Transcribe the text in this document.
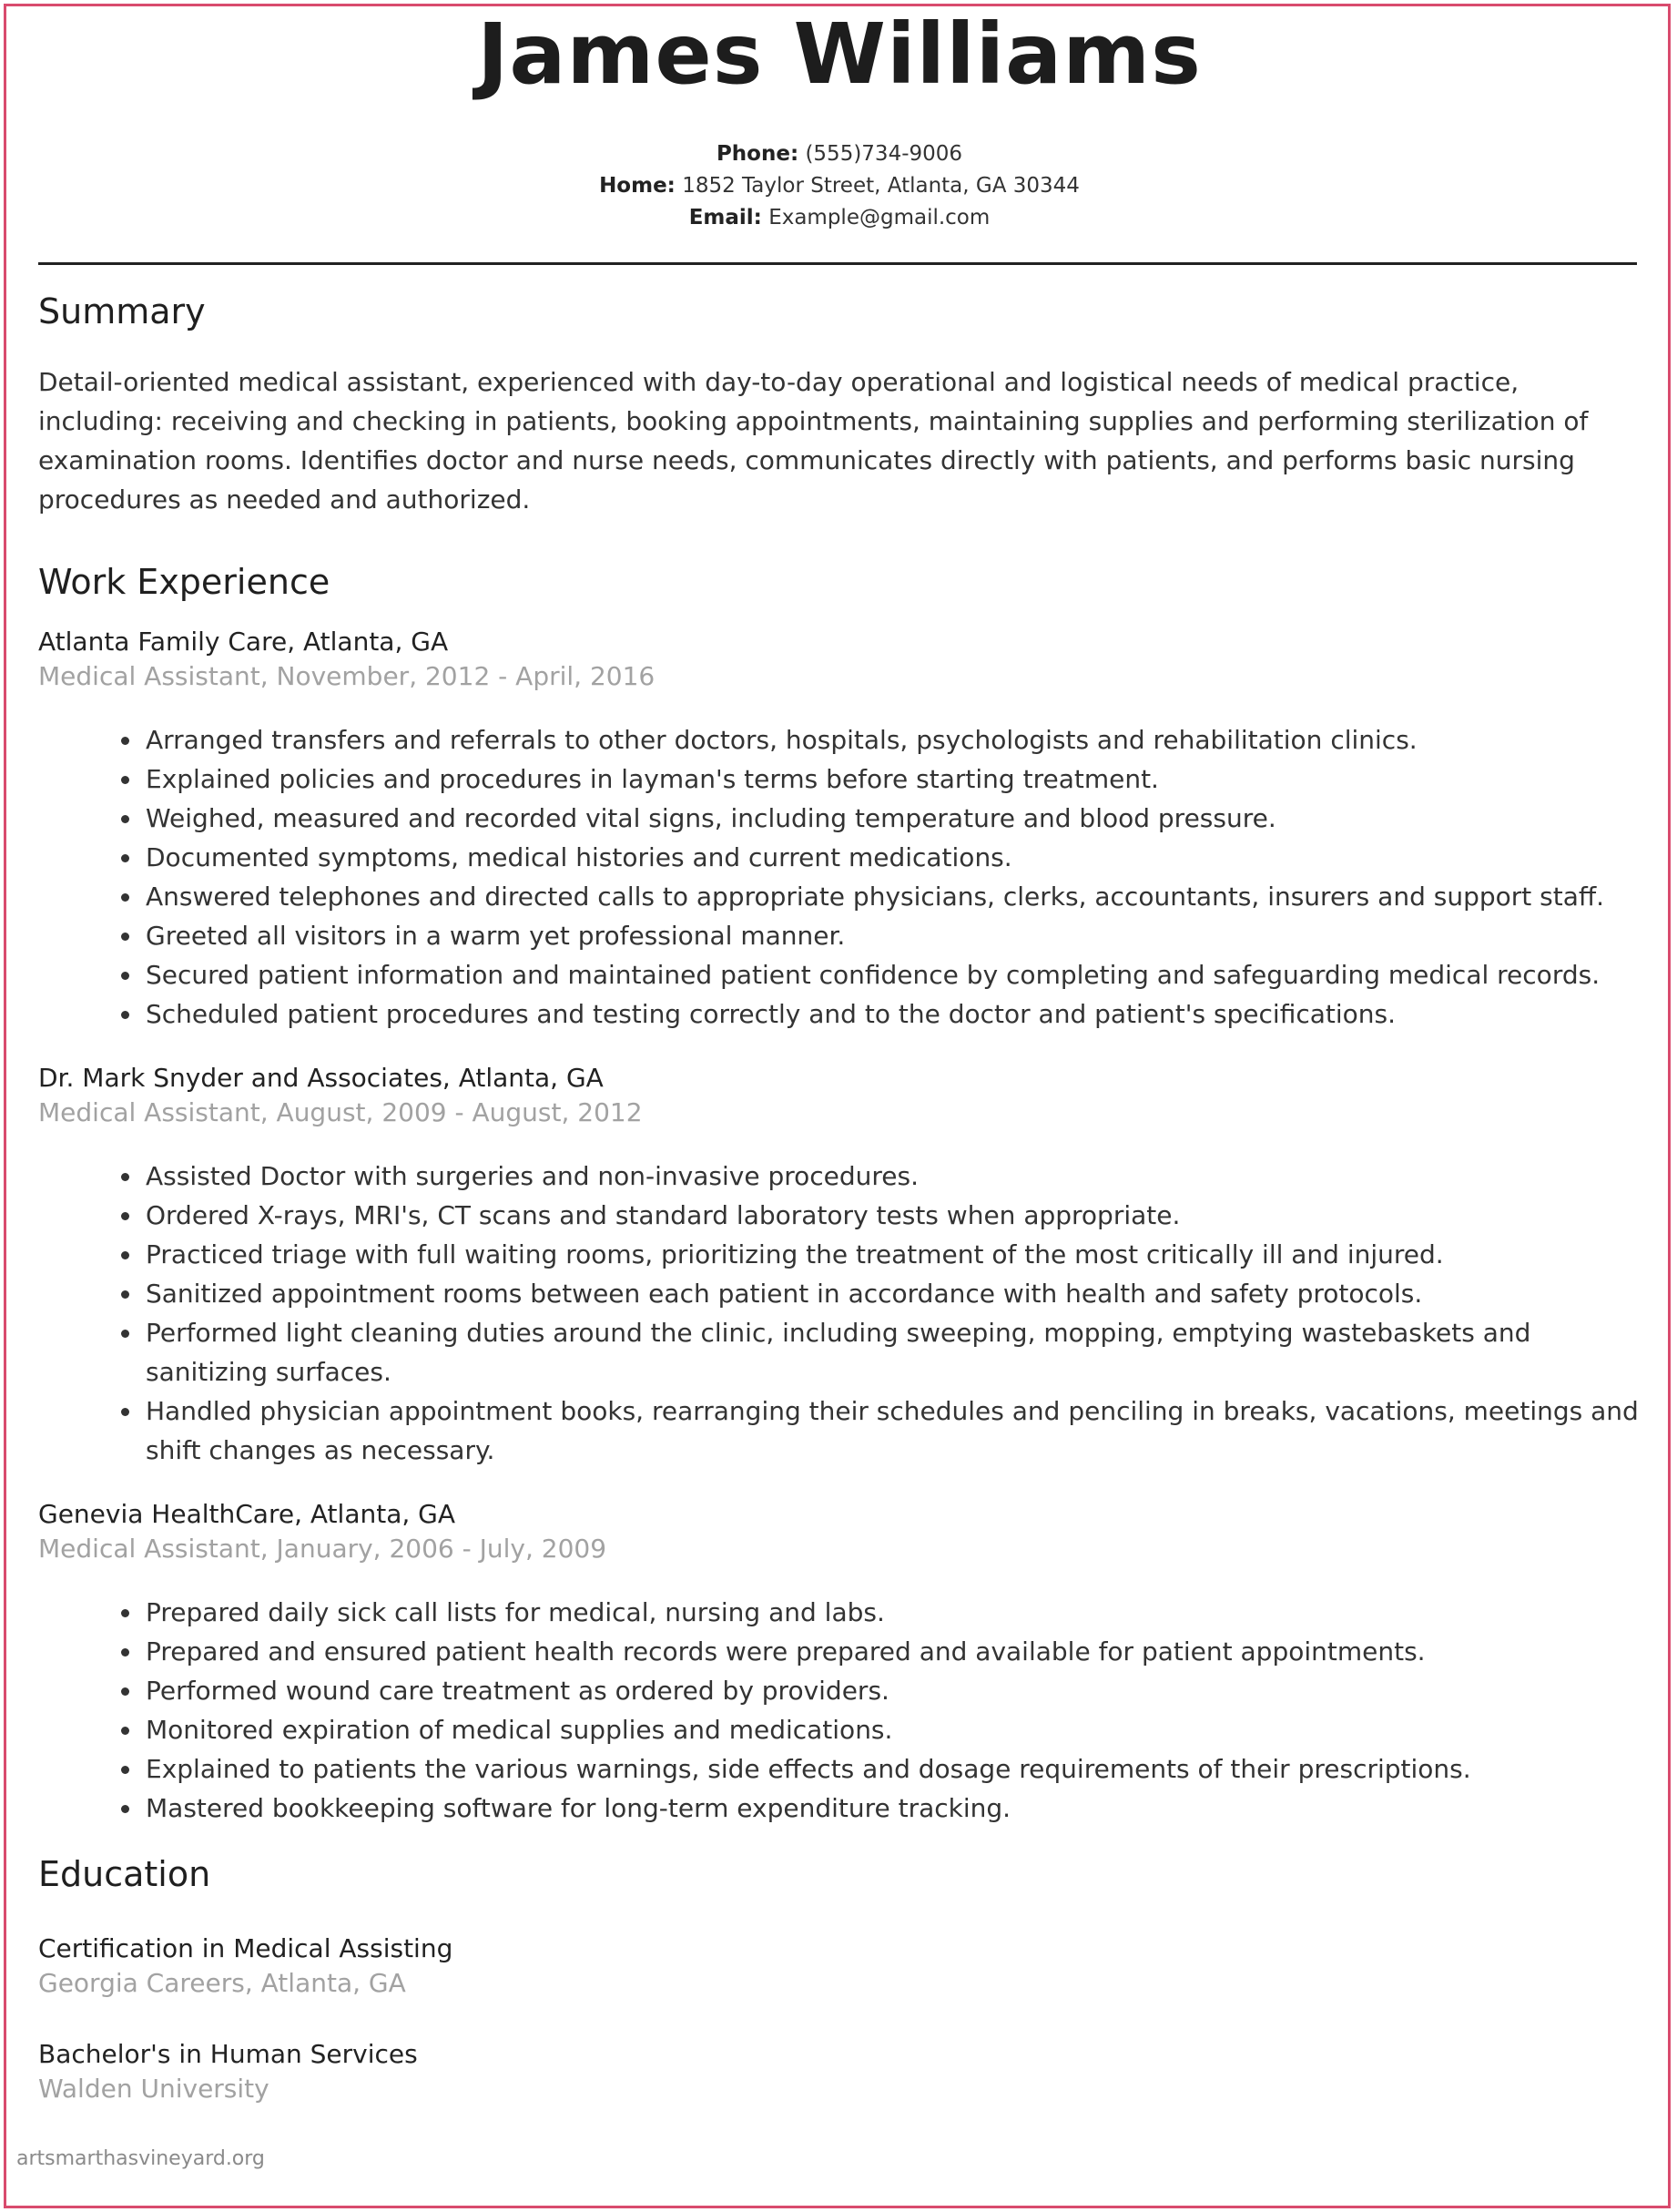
James Williams
Phone: (555)734-9006
Home: 1852 Taylor Street, Atlanta, GA 30344
Email: Example@gmail.com
Summary
Detail-oriented medical assistant, experienced with day-to-day operational and logistical needs of medical practice, including: receiving and checking in patients, booking appointments, maintaining supplies and performing sterilization of examination rooms. Identifies doctor and nurse needs, communicates directly with patients, and performs basic nursing procedures as needed and authorized.
Work Experience
Atlanta Family Care, Atlanta, GA
Medical Assistant, November, 2012 - April, 2016
• Arranged transfers and referrals to other doctors, hospitals, psychologists and rehabilitation clinics.
• Explained policies and procedures in layman's terms before starting treatment.
• Weighed, measured and recorded vital signs, including temperature and blood pressure.
• Documented symptoms, medical histories and current medications.
• Answered telephones and directed calls to appropriate physicians, clerks, accountants, insurers and support staff.
• Greeted all visitors in a warm yet professional manner.
• Secured patient information and maintained patient confidence by completing and safeguarding medical records.
• Scheduled patient procedures and testing correctly and to the doctor and patient's specifications.
Dr. Mark Snyder and Associates, Atlanta, GA
Medical Assistant, August, 2009 - August, 2012
• Assisted Doctor with surgeries and non-invasive procedures.
• Ordered X-rays, MRI's, CT scans and standard laboratory tests when appropriate.
• Practiced triage with full waiting rooms, prioritizing the treatment of the most critically ill and injured.
• Sanitized appointment rooms between each patient in accordance with health and safety protocols.
• Performed light cleaning duties around the clinic, including sweeping, mopping, emptying wastebaskets and sanitizing surfaces.
• Handled physician appointment books, rearranging their schedules and penciling in breaks, vacations, meetings and shift changes as necessary.
Genevia HealthCare, Atlanta, GA
Medical Assistant, January, 2006 - July, 2009
• Prepared daily sick call lists for medical, nursing and labs.
• Prepared and ensured patient health records were prepared and available for patient appointments.
• Performed wound care treatment as ordered by providers.
• Monitored expiration of medical supplies and medications.
• Explained to patients the various warnings, side effects and dosage requirements of their prescriptions.
• Mastered bookkeeping software for long-term expenditure tracking.
Education
Certification in Medical Assisting
Georgia Careers, Atlanta, GA
Bachelor's in Human Services
Walden University
artsmarthasvineyard.org
